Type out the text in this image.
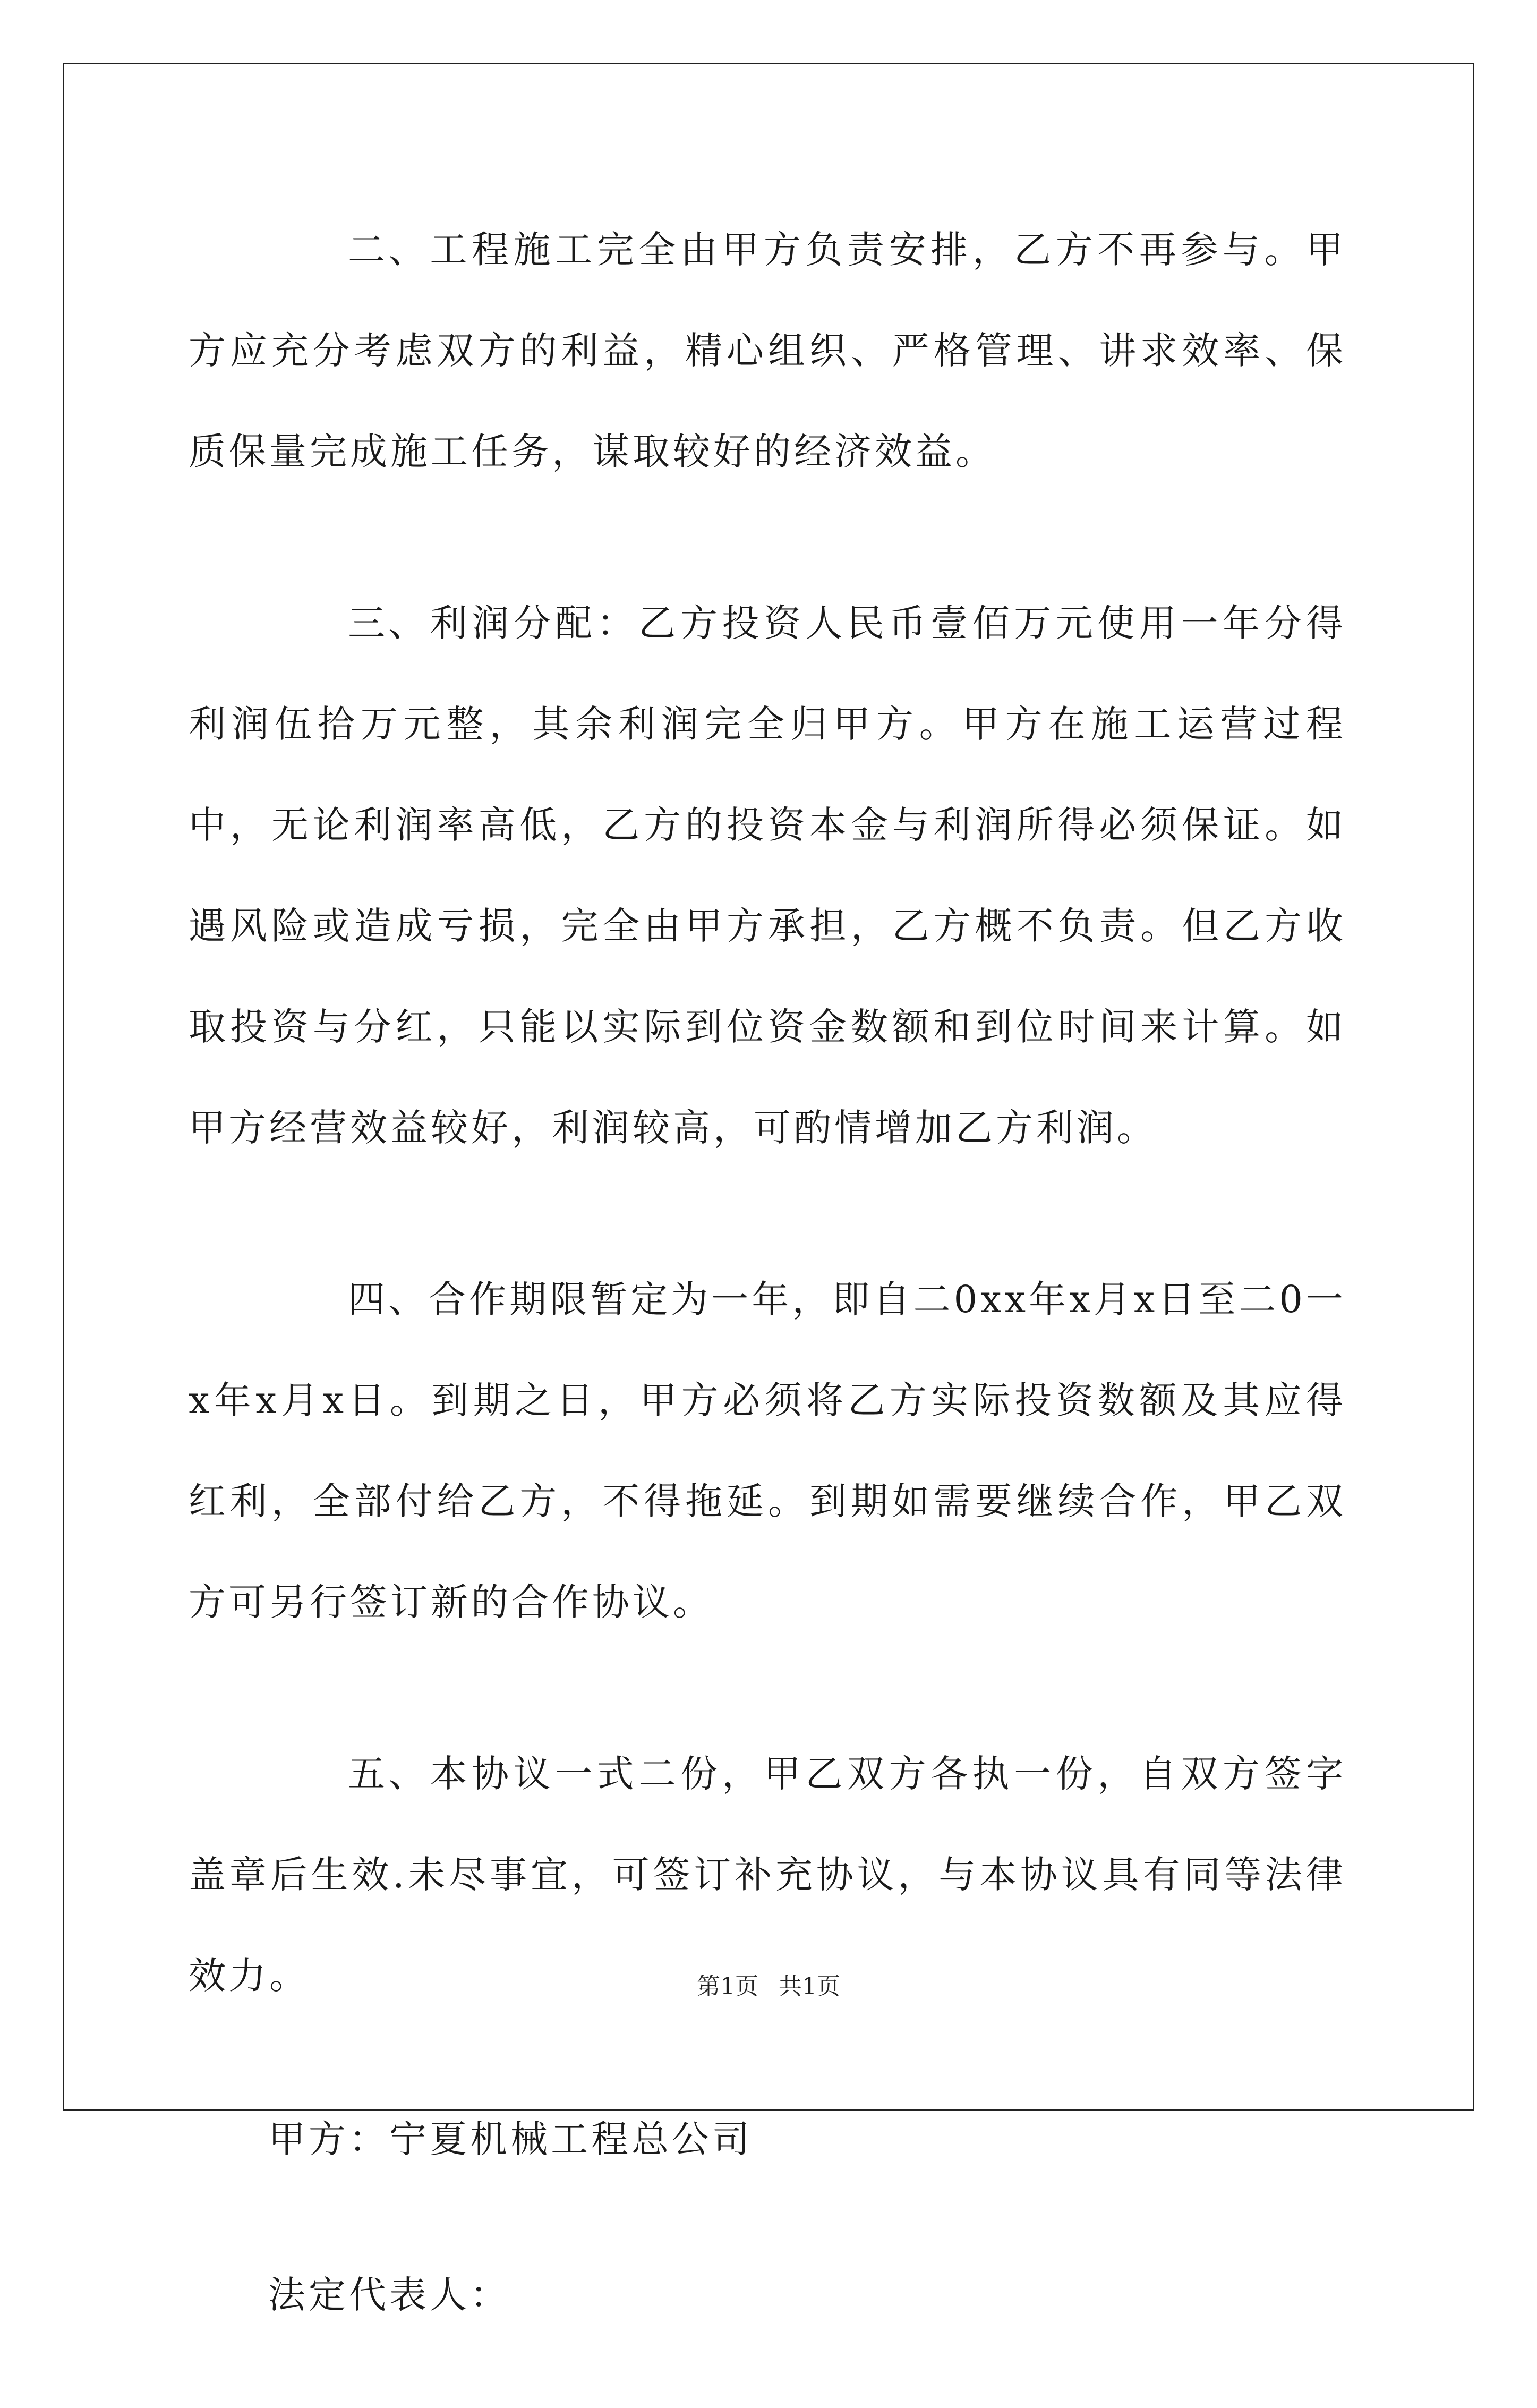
二、工程施工完全由甲方负责安排，乙方不再参与。甲方应充分考虑双方的利益，精心组织、严格管理、讲求效率、保质保量完成施工任务，谋取较好的经济效益。

三、利润分配：乙方投资人民币壹佰万元使用一年分得利润伍拾万元整，其余利润完全归甲方。甲方在施工运营过程中，无论利润率高低，乙方的投资本金与利润所得必须保证。如遇风险或造成亏损，完全由甲方承担，乙方概不负责。但乙方收取投资与分红，只能以实际到位资金数额和到位时间来计算。如甲方经营效益较好，利润较高，可酌情增加乙方利润。

四、合作期限暂定为一年，即自二0xx年x月x日至二0一x年x月x日。到期之日，甲方必须将乙方实际投资数额及其应得红利，全部付给乙方，不得拖延。到期如需要继续合作，甲乙双方可另行签订新的合作协议。

五、本协议一式二份，甲乙双方各执一份，自双方签字盖章后生效.未尽事宜，可签订补充协议，与本协议具有同等法律效力。

甲方：宁夏机械工程总公司

法定代表人：

第1页 共1页
